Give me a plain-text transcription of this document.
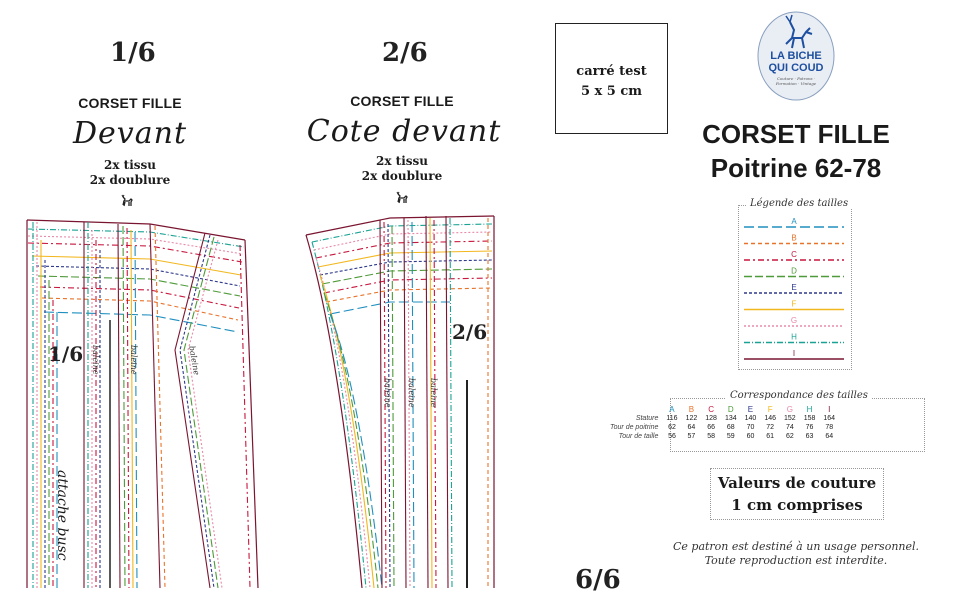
1/6
CORSET FILLE
Devant
2x tissu
2x doublure
1/6 baleine	baleine	baleine
attache busc
2/6
CORSET FILLE
Cote devant
2x tissu
2x doublure
2/6
baleine baleine baleine
carré test
5 x 5 cm
LA BICHE
QUI COUD
Couture · Patrons · Formation · Vintage
CORSET FILLE
Poitrine 62-78
Légende des tailles
A
B
C
D
E
F
G
H
I
Correspondance des tailles
	A	B	C	D	E	F	G	H	I
Stature	116	122	128	134	140	146	152	158	164
Tour de poitrine	62	64	66	68	70	72	74	76	78
Tour de taille	56	57	58	59	60	61	62	63	64
Valeurs de couture
1 cm comprises
Ce patron est destiné à un usage personnel.
Toute reproduction est interdite.
6/6
